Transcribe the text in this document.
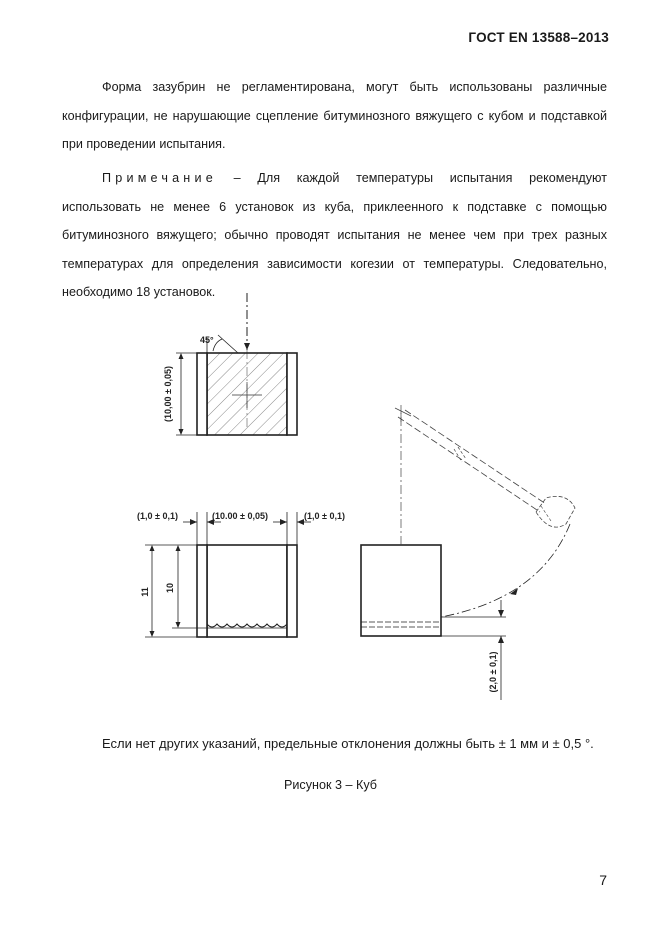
ГОСТ EN 13588–2013
Форма зазубрин не регламентирована, могут быть использованы различные конфигурации, не нарушающие сцепление битуминозного вяжущего с кубом и подставкой при проведении испытания.
Примечание – Для каждой температуры испытания рекомендуют использовать не менее 6 установок из куба, приклеенного к подставке с помощью битуминозного вяжущего; обычно проводят испытания не менее чем при трех разных температурах для определения зависимости когезии от температуры. Следовательно, необходимо 18 установок.
45°
(10,00 ± 0,05)
(1,0 ± 0,1)	(10.00 ± 0,05)	(1,0 ± 0,1)
11 10
(2,0 ± 0,1)
Если нет других указаний, предельные отклонения должны быть ± 1 мм и ± 0,5 °.
Рисунок 3 – Куб
7
